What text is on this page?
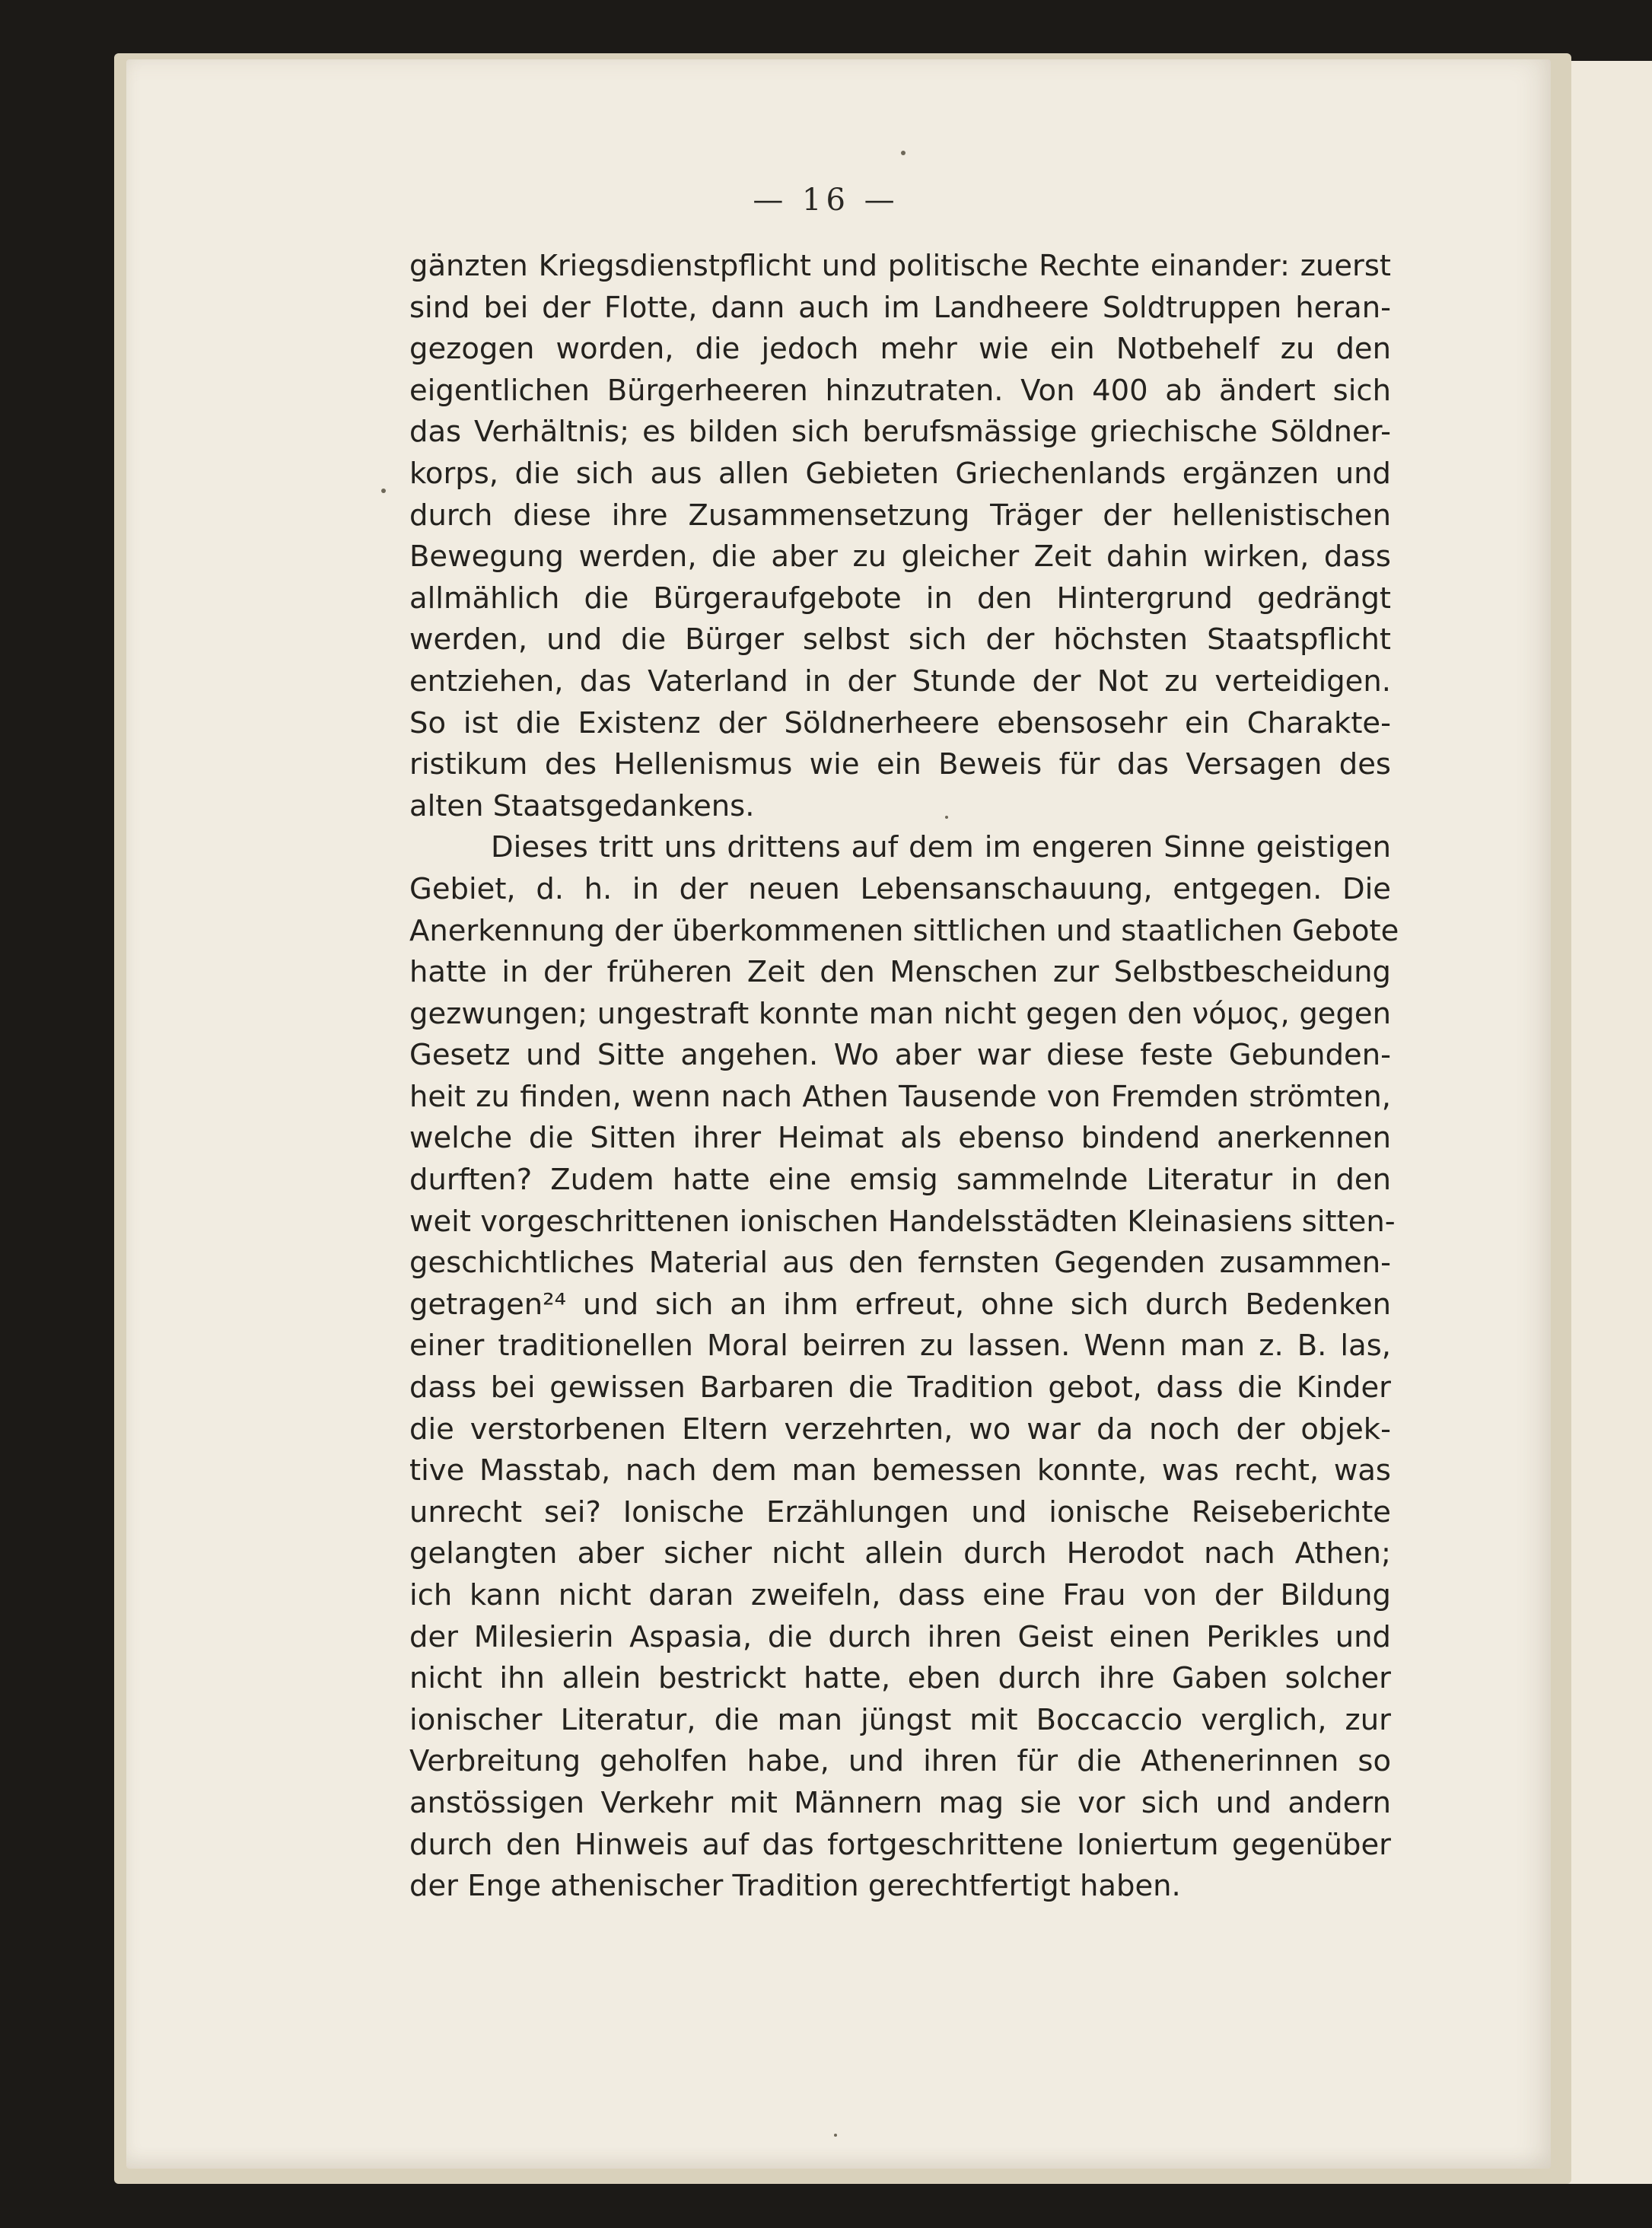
— 16 —
gänzten Kriegsdienstpflicht und politische Rechte einander: zuerst
sind bei der Flotte, dann auch im Landheere Soldtruppen heran-
gezogen worden, die jedoch mehr wie ein Notbehelf zu den
eigentlichen Bürgerheeren hinzutraten. Von 400 ab ändert sich
das Verhältnis; es bilden sich berufsmässige griechische Söldner-
korps, die sich aus allen Gebieten Griechenlands ergänzen und
durch diese ihre Zusammensetzung Träger der hellenistischen
Bewegung werden, die aber zu gleicher Zeit dahin wirken, dass
allmählich die Bürgeraufgebote in den Hintergrund gedrängt
werden, und die Bürger selbst sich der höchsten Staatspflicht
entziehen, das Vaterland in der Stunde der Not zu verteidigen.
So ist die Existenz der Söldnerheere ebensosehr ein Charakte-
ristikum des Hellenismus wie ein Beweis für das Versagen des
alten Staatsgedankens.
Dieses tritt uns drittens auf dem im engeren Sinne geistigen
Gebiet, d. h. in der neuen Lebensanschauung, entgegen. Die
Anerkennung der überkommenen sittlichen und staatlichen Gebote
hatte in der früheren Zeit den Menschen zur Selbstbescheidung
gezwungen; ungestraft konnte man nicht gegen den νόμος, gegen
Gesetz und Sitte angehen. Wo aber war diese feste Gebunden-
heit zu finden, wenn nach Athen Tausende von Fremden strömten,
welche die Sitten ihrer Heimat als ebenso bindend anerkennen
durften? Zudem hatte eine emsig sammelnde Literatur in den
weit vorgeschrittenen ionischen Handelsstädten Kleinasiens sitten-
geschichtliches Material aus den fernsten Gegenden zusammen-
getragen²⁴ und sich an ihm erfreut, ohne sich durch Bedenken
einer traditionellen Moral beirren zu lassen. Wenn man z. B. las,
dass bei gewissen Barbaren die Tradition gebot, dass die Kinder
die verstorbenen Eltern verzehrten, wo war da noch der objek-
tive Masstab, nach dem man bemessen konnte, was recht, was
unrecht sei? Ionische Erzählungen und ionische Reiseberichte
gelangten aber sicher nicht allein durch Herodot nach Athen;
ich kann nicht daran zweifeln, dass eine Frau von der Bildung
der Milesierin Aspasia, die durch ihren Geist einen Perikles und
nicht ihn allein bestrickt hatte, eben durch ihre Gaben solcher
ionischer Literatur, die man jüngst mit Boccaccio verglich, zur
Verbreitung geholfen habe, und ihren für die Athenerinnen so
anstössigen Verkehr mit Männern mag sie vor sich und andern
durch den Hinweis auf das fortgeschrittene Ioniertum gegenüber
der Enge athenischer Tradition gerechtfertigt haben.
